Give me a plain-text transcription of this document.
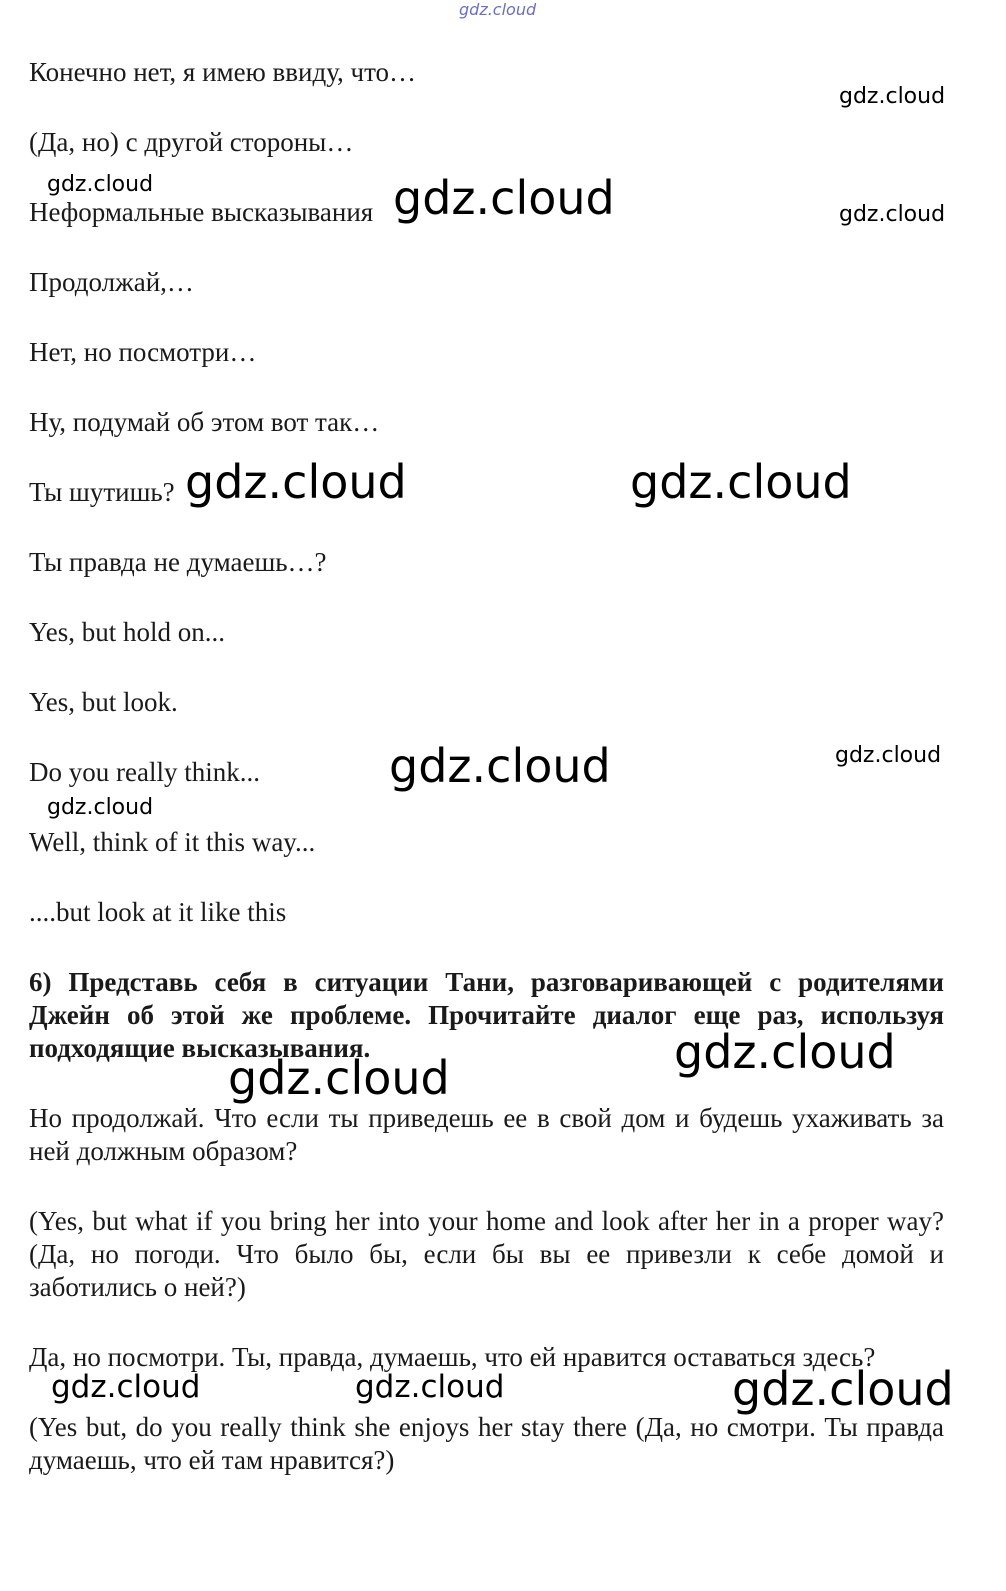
gdz.cloud
Конечно нет, я имею ввиду, что…
(Да, но) с другой стороны…
Неформальные высказывания
Продолжай,…
Нет, но посмотри…
Ну, подумай об этом вот так…
Ты шутишь?
Ты правда не думаешь…?
Yes, but hold on...
Yes, but look.
Do you really think...
Well, think of it this way...
....but look at it like this
6) Представь себя в ситуации Тани, разговаривающей с родителями Джейн об этой же проблеме. Прочитайте диалог еще раз, используя подходящие высказывания.
Но продолжай. Что если ты приведешь ее в свой дом и будешь ухаживать за ней должным образом?
(Yes, but what if you bring her into your home and look after her in a proper way? (Да, но погоди. Что было бы, если бы вы ее привезли к себе домой и заботились о ней?)
Да, но посмотри. Ты, правда, думаешь, что ей нравится оставаться здесь?
(Yes but, do you really think she enjoys her stay there (Да, но смотри. Ты правда думаешь, что ей там нравится?)
gdz.cloud
gdz.cloud
gdz.cloud
gdz.cloud
gdz.cloud
gdz.cloud	gdz.cloud
gdz.cloud
gdz.cloud	gdz.cloud
gdz.cloud
gdz.cloud
gdz.cloud
gdz.cloud
